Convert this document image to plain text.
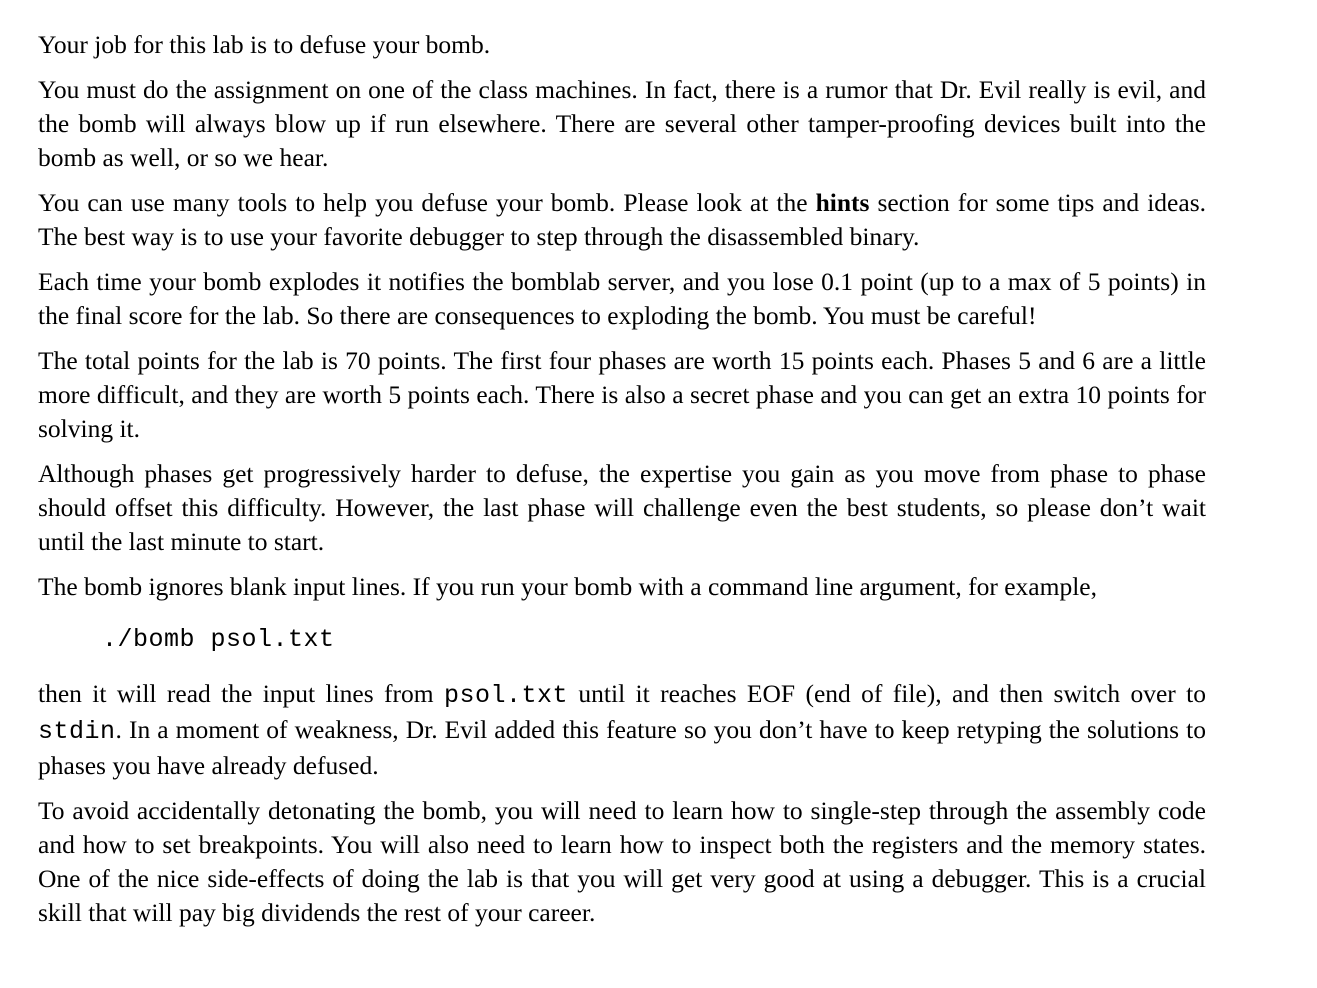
Your job for this lab is to defuse your bomb.

You must do the assignment on one of the class machines. In fact, there is a rumor that Dr. Evil really is evil, and the bomb will always blow up if run elsewhere. There are several other tamper-proofing devices built into the bomb as well, or so we hear.

You can use many tools to help you defuse your bomb. Please look at the hints section for some tips and ideas. The best way is to use your favorite debugger to step through the disassembled binary.

Each time your bomb explodes it notifies the bomblab server, and you lose 0.1 point (up to a max of 5 points) in the final score for the lab. So there are consequences to exploding the bomb. You must be careful!

The total points for the lab is 70 points. The first four phases are worth 15 points each. Phases 5 and 6 are a little more difficult, and they are worth 5 points each. There is also a secret phase and you can get an extra 10 points for solving it.

Although phases get progressively harder to defuse, the expertise you gain as you move from phase to phase should offset this difficulty. However, the last phase will challenge even the best students, so please don’t wait until the last minute to start.

The bomb ignores blank input lines. If you run your bomb with a command line argument, for example,

./bomb psol.txt

then it will read the input lines from psol.txt until it reaches EOF (end of file), and then switch over to stdin. In a moment of weakness, Dr. Evil added this feature so you don’t have to keep retyping the solutions to phases you have already defused.

To avoid accidentally detonating the bomb, you will need to learn how to single-step through the assembly code and how to set breakpoints. You will also need to learn how to inspect both the registers and the memory states. One of the nice side-effects of doing the lab is that you will get very good at using a debugger. This is a crucial skill that will pay big dividends the rest of your career.
